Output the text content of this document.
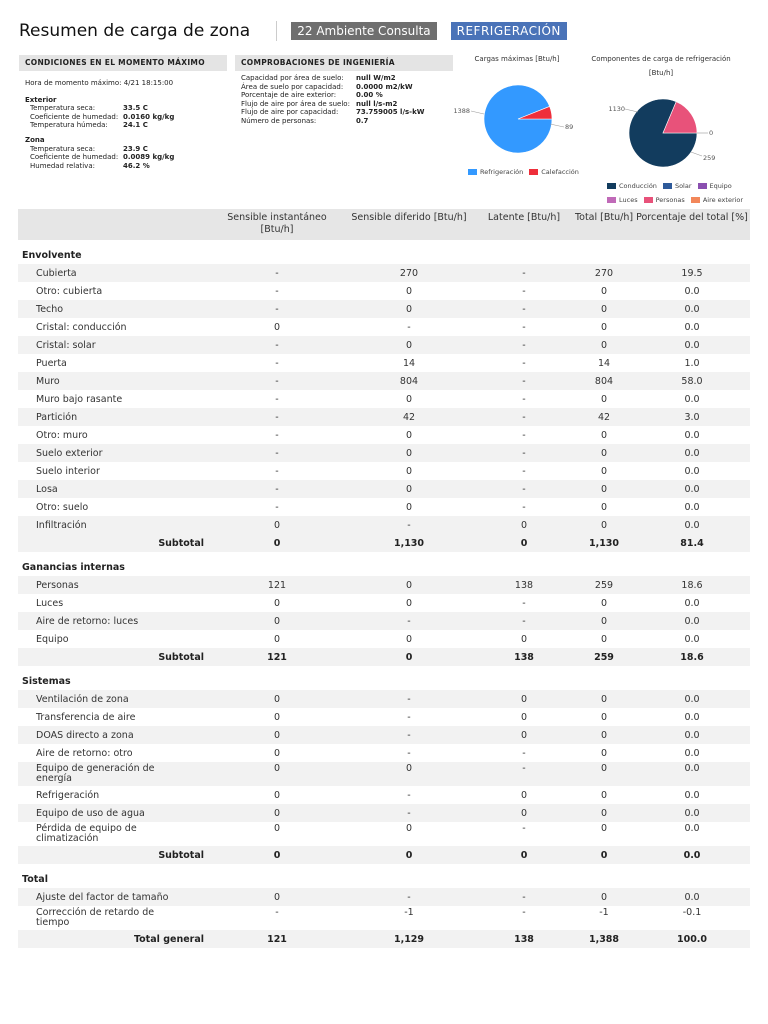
Resumen de carga de zona	22 Ambiente Consulta	REFRIGERACIÓN
CONDICIONES EN EL MOMENTO MÁXIMO
Hora de momento máximo: 4/21 18:15:00
Exterior
Temperatura seca:	33.5 C
Coeficiente de humedad: 0.0160 kg/kg
Temperatura húmeda:	24.1 C
Zona
Temperatura seca:	23.9 C
Coeficiente de humedad: 0.0089 kg/kg
Humedad relativa:	46.2 %
COMPROBACIONES DE INGENIERÍA
Capacidad por área de suelo:	null W/m2
Área de suelo por capacidad:	0.0000 m2/kW
Porcentaje de aire exterior:	0.00 %
Flujo de aire por área de suelo: null l/s-m2
Flujo de aire por capacidad:	73.759005 l/s-kW
Número de personas:	0.7
Cargas máximas [Btu/h]
1388
89
Refrigeración	Calefacción
Componentes de carga de refrigeración [Btu/h]
1130
0
259
Conducción	Solar	Equipo
Luces	Personas	Aire exterior
	Sensible instantáneo [Btu/h]	Sensible diferido [Btu/h]	Latente [Btu/h]	Total [Btu/h]	Porcentaje del total [%]
Envolvente					
Cubierta	-	270	-	270	19.5
Otro: cubierta	-	0	-	0	0.0
Techo	-	0	-	0	0.0
Cristal: conducción	0	-	-	0	0.0
Cristal: solar	-	0	-	0	0.0
Puerta	-	14	-	14	1.0
Muro	-	804	-	804	58.0
Muro bajo rasante	-	0	-	0	0.0
Partición	-	42	-	42	3.0
Otro: muro	-	0	-	0	0.0
Suelo exterior	-	0	-	0	0.0
Suelo interior	-	0	-	0	0.0
Losa	-	0	-	0	0.0
Otro: suelo	-	0	-	0	0.0
Infiltración	0	-	0	0	0.0
Subtotal	0	1,130	0	1,130	81.4
Ganancias internas					
Personas	121	0	138	259	18.6
Luces	0	0	-	0	0.0
Aire de retorno: luces	0	-	-	0	0.0
Equipo	0	0	0	0	0.0
Subtotal	121	0	138	259	18.6
Sistemas					
Ventilación de zona	0	-	0	0	0.0
Transferencia de aire	0	-	0	0	0.0
DOAS directo a zona	0	-	0	0	0.0
Aire de retorno: otro	0	-	-	0	0.0
Equipo de generación de energía	0	0	-	0	0.0
Refrigeración	0	-	0	0	0.0
Equipo de uso de agua	0	-	0	0	0.0
Pérdida de equipo de climatización	0	0	-	0	0.0
Subtotal	0	0	0	0	0.0
Total					
Ajuste del factor de tamaño	0	-	-	0	0.0
Corrección de retardo de tiempo	-	-1	-	-1	-0.1
Total general	121	1,129	138	1,388	100.0
